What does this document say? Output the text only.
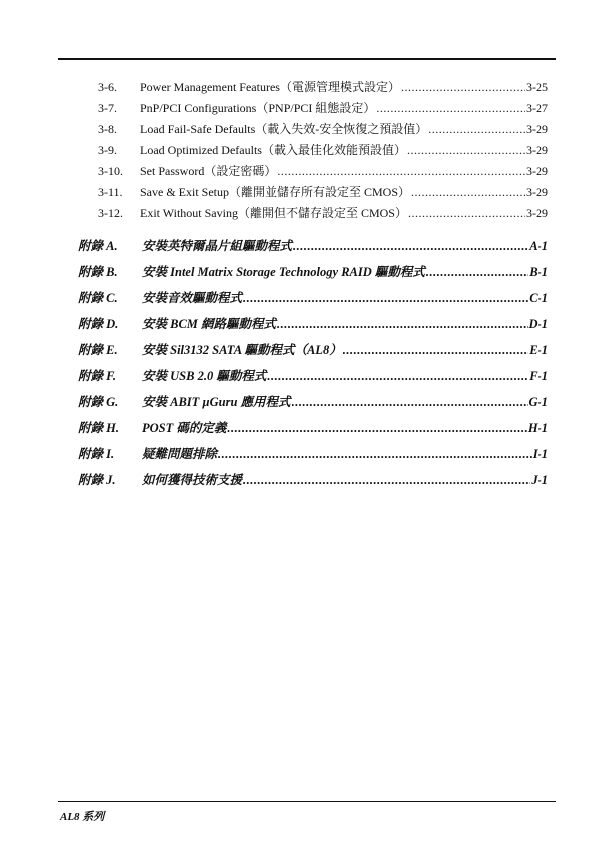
3-6.	Power Management Features（電源管理模式設定） .....	3-25
3-7.	PnP/PCI Configurations（PNP/PCI 組態設定） .....	3-27
3-8.	Load Fail-Safe Defaults（載入失效-安全恢復之預設值） .....	3-29
3-9.	Load Optimized Defaults（載入最佳化效能預設值） .....	3-29
3-10.	Set Password（設定密碼） .....	3-29
3-11.	Save & Exit Setup（離開並儲存所有設定至 CMOS） .....	3-29
3-12.	Exit Without Saving（離開但不儲存設定至 CMOS） .....	3-29
附錄 A.	安裝英特爾晶片組驅動程式 .....	A-1
附錄 B.	安裝 Intel Matrix Storage Technology RAID 驅動程式 .....	B-1
附錄 C.	安裝音效驅動程式 .....	C-1
附錄 D.	安裝 BCM 網路驅動程式 .....	D-1
附錄 E.	安裝 Sil3132 SATA 驅動程式（AL8） .....	E-1
附錄 F.	安裝 USB 2.0 驅動程式 .....	F-1
附錄 G.	安裝 ABIT µGuru 應用程式 .....	G-1
附錄 H.	POST 碼的定義 .....	H-1
附錄 I.	疑難問題排除 .....	I-1
附錄 J.	如何獲得技術支援 .....	J-1
AL8 系列
